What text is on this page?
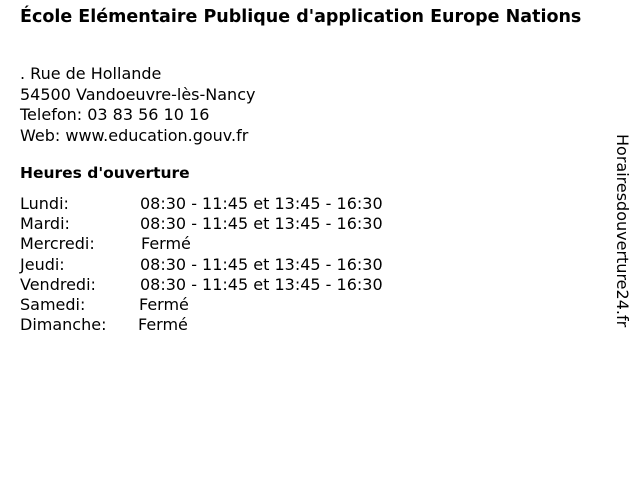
École Elémentaire Publique d'application Europe Nations
. Rue de Hollande
54500 Vandoeuvre-lès-Nancy
Telefon: 03 83 56 10 16
Web: www.education.gouv.fr
Heures d'ouverture
Lundi:	08:30 - 11:45 et 13:45 - 16:30
Mardi:	08:30 - 11:45 et 13:45 - 16:30
Mercredi:	Fermé
Jeudi:	08:30 - 11:45 et 13:45 - 16:30
Vendredi:	08:30 - 11:45 et 13:45 - 16:30
Samedi:	Fermé
Dimanche: Fermé	Horairesdouverture24.fr
